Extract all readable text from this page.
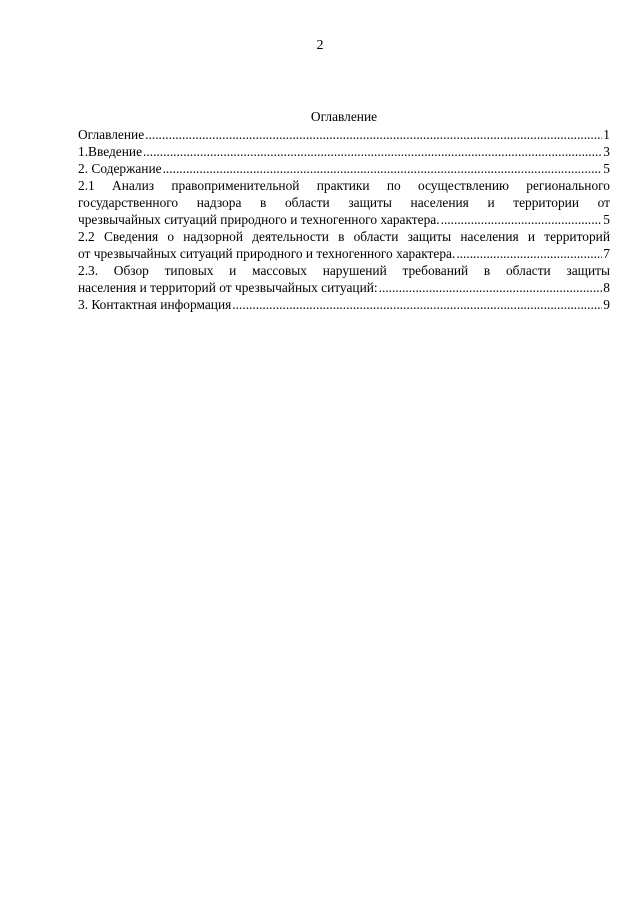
2
Оглавление
Оглавление .....	1
1.Введение .....	3
2. Содержание .....	5
2.1 Анализ правоприменительной практики по осуществлению регионального
государственного надзора в области защиты населения и территории от
чрезвычайных ситуаций природного и техногенного характера. .....	5
2.2 Сведения о надзорной деятельности в области защиты населения и территорий
от чрезвычайных ситуаций природного и техногенного характера. .....	7
2.3. Обзор типовых и массовых нарушений требований в области защиты
населения и территорий от чрезвычайных ситуаций: .....	8
3. Контактная информация .....	9
